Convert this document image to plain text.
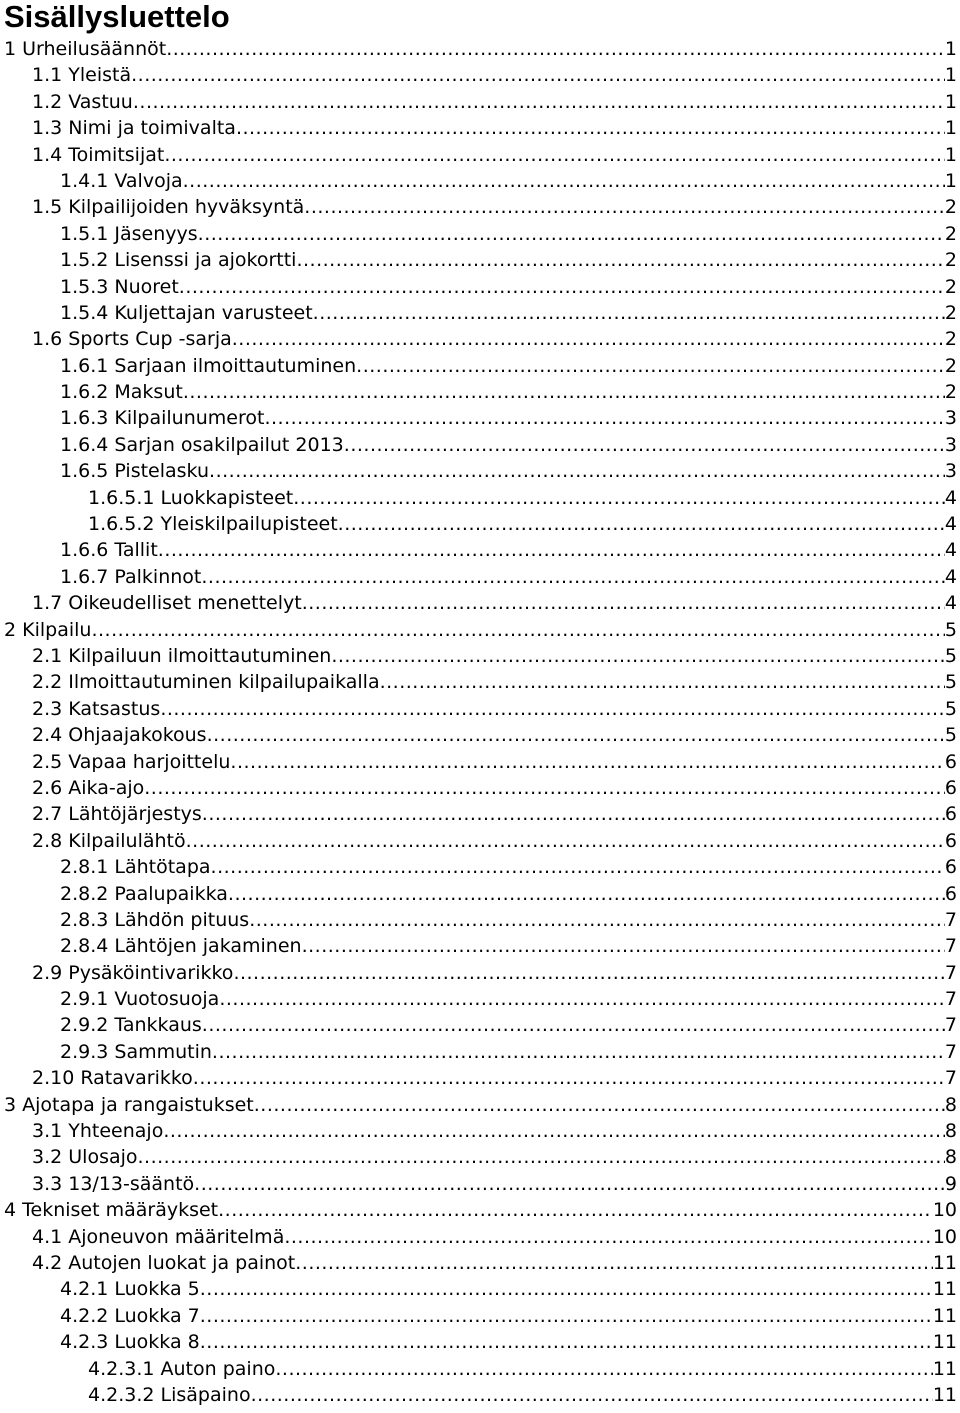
Sisällysluettelo
1 Urheilusäännöt .....	1
1.1 Yleistä .....	1
1.2 Vastuu .....	1
1.3 Nimi ja toimivalta .....	1
1.4 Toimitsijat .....	1
1.4.1 Valvoja .....	1
1.5 Kilpailijoiden hyväksyntä .....	2
1.5.1 Jäsenyys .....	2
1.5.2 Lisenssi ja ajokortti .....	2
1.5.3 Nuoret .....	2
1.5.4 Kuljettajan varusteet .....	2
1.6 Sports Cup -sarja .....	2
1.6.1 Sarjaan ilmoittautuminen .....	2
1.6.2 Maksut .....	2
1.6.3 Kilpailunumerot .....	3
1.6.4 Sarjan osakilpailut 2013 .....	3
1.6.5 Pistelasku .....	3
1.6.5.1 Luokkapisteet .....	4
1.6.5.2 Yleiskilpailupisteet .....	4
1.6.6 Tallit .....	4
1.6.7 Palkinnot .....	4
1.7 Oikeudelliset menettelyt .....	4
2 Kilpailu .....	5
2.1 Kilpailuun ilmoittautuminen .....	5
2.2 Ilmoittautuminen kilpailupaikalla .....	5
2.3 Katsastus .....	5
2.4 Ohjaajakokous .....	5
2.5 Vapaa harjoittelu .....	6
2.6 Aika-ajo .....	6
2.7 Lähtöjärjestys .....	6
2.8 Kilpailulähtö .....	6
2.8.1 Lähtötapa .....	6
2.8.2 Paalupaikka .....	6
2.8.3 Lähdön pituus .....	7
2.8.4 Lähtöjen jakaminen .....	7
2.9 Pysäköintivarikko .....	7
2.9.1 Vuotosuoja .....	7
2.9.2 Tankkaus .....	7
2.9.3 Sammutin .....	7
2.10 Ratavarikko .....	7
3 Ajotapa ja rangaistukset .....	8
3.1 Yhteenajo .....	8
3.2 Ulosajo .....	8
3.3 13/13-sääntö .....	9
4 Tekniset määräykset .....	10
4.1 Ajoneuvon määritelmä .....	10
4.2 Autojen luokat ja painot .....	11
4.2.1 Luokka 5 .....	11
4.2.2 Luokka 7 .....	11
4.2.3 Luokka 8 .....	11
4.2.3.1 Auton paino .....	11
4.2.3.2 Lisäpaino .....	11
